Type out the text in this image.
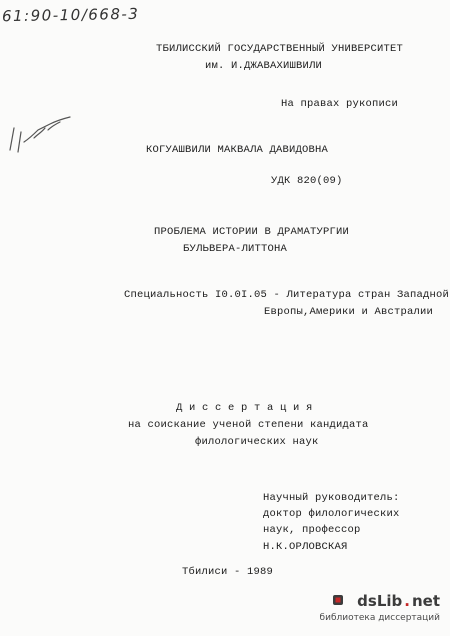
61:90-10/668-3
ТБИЛИССКИЙ ГОСУДАРСТВЕННЫЙ УНИВЕРСИТЕТ
им. И.ДЖАВАХИШВИЛИ
На правах рукописи
КОГУАШВИЛИ МАКВАЛА ДАВИДОВНА
УДК 820(09)
ПРОБЛЕМА ИСТОРИИ В ДРАМАТУРГИИ
БУЛЬВЕРА-ЛИТТОНА
Специальность I0.0I.05 - Литература стран Западной
Европы,Америки и Австралии
Д и с с е р т а ц и я
на соискание ученой степени кандидата
филологических наук
Научный руководитель:
доктор филологических
наук, профессор
Н.К.ОРЛОВСКАЯ
Тбилиси - 1989
dsLib . net
библиотека диссертаций
